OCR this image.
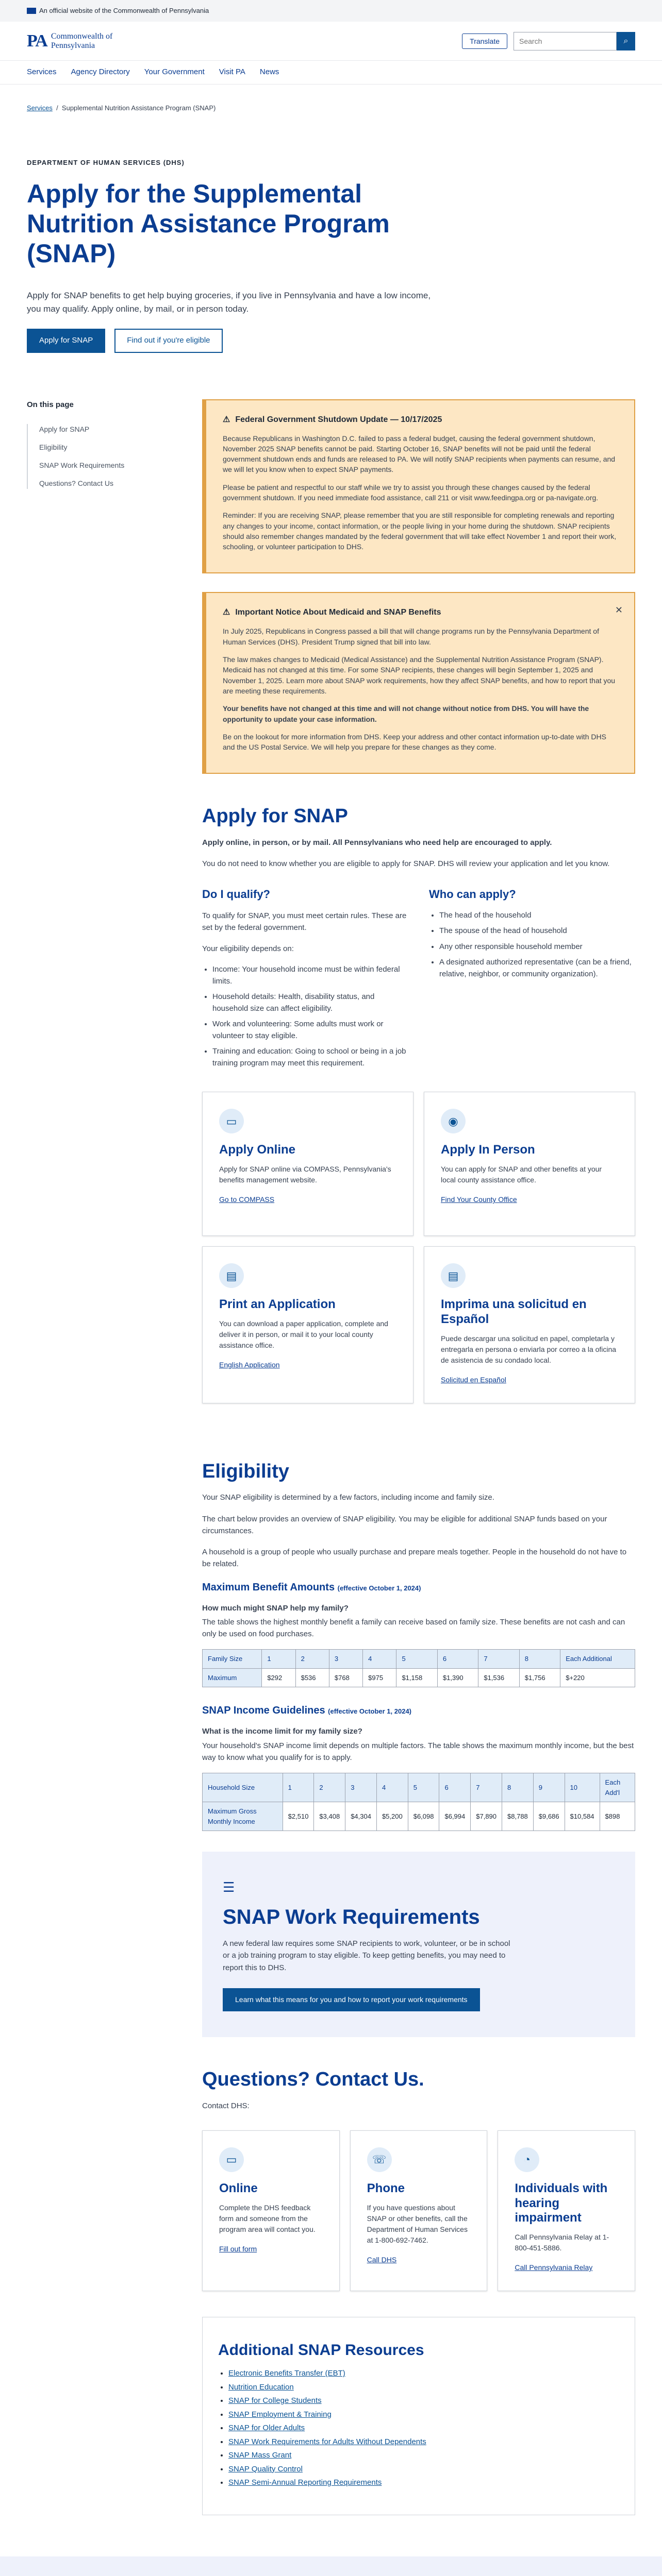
An official website of the Commonwealth of Pennsylvania
PA Commonwealth of Pennsylvania	Translate
Search	⌕
Services Agency Directory Your Government Visit PA News
Services  /  Supplemental Nutrition Assistance Program (SNAP)
DEPARTMENT OF HUMAN SERVICES (DHS)
Apply for the Supplemental Nutrition Assistance Program (SNAP)

Apply for SNAP benefits to get help buying groceries, if you live in Pennsylvania and have a low income, you may qualify. Apply online, by mail, or in person today.

Apply for SNAP	Find out if you're eligible
On this page
Apply for SNAP
Eligibility
SNAP Work Requirements
Questions? Contact Us
⚠ Federal Government Shutdown Update — 10/17/2025

Because Republicans in Washington D.C. failed to pass a federal budget, causing the federal government shutdown, November 2025 SNAP benefits cannot be paid. Starting October 16, SNAP benefits will not be paid until the federal government shutdown ends and funds are released to PA. We will notify SNAP recipients when payments can resume, and we will let you know when to expect SNAP payments.

Please be patient and respectful to our staff while we try to assist you through these changes caused by the federal government shutdown. If you need immediate food assistance, call 211 or visit www.feedingpa.org or pa-navigate.org.

Reminder: If you are receiving SNAP, please remember that you are still responsible for completing renewals and reporting any changes to your income, contact information, or the people living in your home during the shutdown. SNAP recipients should also remember changes mandated by the federal government that will take effect November 1 and report their work, schooling, or volunteer participation to DHS.

✕
⚠ Important Notice About Medicaid and SNAP Benefits

In July 2025, Republicans in Congress passed a bill that will change programs run by the Pennsylvania Department of Human Services (DHS). President Trump signed that bill into law.

The law makes changes to Medicaid (Medical Assistance) and the Supplemental Nutrition Assistance Program (SNAP). Medicaid has not changed at this time. For some SNAP recipients, these changes will begin September 1, 2025 and November 1, 2025. Learn more about SNAP work requirements, how they affect SNAP benefits, and how to report that you are meeting these requirements.

Your benefits have not changed at this time and will not change without notice from DHS. You will have the opportunity to update your case information.

Be on the lookout for more information from DHS. Keep your address and other contact information up-to-date with DHS and the US Postal Service. We will help you prepare for these changes as they come.

Apply for SNAP

Apply online, in person, or by mail. All Pennsylvanians who need help are encouraged to apply.

You do not need to know whether you are eligible to apply for SNAP. DHS will review your application and let you know.

Do I qualify?

To qualify for SNAP, you must meet certain rules. These are set by the federal government.

Your eligibility depends on:

• Income: Your household income must be within federal limits.
• Household details: Health, disability status, and household size can affect eligibility.
• Work and volunteering: Some adults must work or volunteer to stay eligible.
• Training and education: Going to school or being in a job training program may meet this requirement.
Who can apply?
• The head of the household
• The spouse of the head of household
• Any other responsible household member
• A designated authorized representative (can be a friend, relative, neighbor, or community organization).
▭
Apply Online

Apply for SNAP online via COMPASS, Pennsylvania's benefits management website.

Go to COMPASS
◉
Apply In Person

You can apply for SNAP and other benefits at your local county assistance office.

Find Your County Office
▤
Print an Application

You can download a paper application, complete and deliver it in person, or mail it to your local county assistance office.

English Application
▤
Imprima una solicitud en Español

Puede descargar una solicitud en papel, completarla y entregarla en persona o enviarla por correo a la oficina de asistencia de su condado local.

Solicitud en Español
Eligibility

Your SNAP eligibility is determined by a few factors, including income and family size.

The chart below provides an overview of SNAP eligibility. You may be eligible for additional SNAP funds based on your circumstances.

A household is a group of people who usually purchase and prepare meals together. People in the household do not have to be related.

Maximum Benefit Amounts (effective October 1, 2024)

How much might SNAP help my family?

The table shows the highest monthly benefit a family can receive based on family size. These benefits are not cash and can only be used on food purchases.

Family Size	1	2	3	4	5	6	7	8	Each Additional
Maximum	$292	$536	$768	$975	$1,158	$1,390	$1,536	$1,756	$+220
SNAP Income Guidelines (effective October 1, 2024)

What is the income limit for my family size?

Your household's SNAP income limit depends on multiple factors. The table shows the maximum monthly income, but the best way to know what you qualify for is to apply.

Household Size	1	2	3	4	5	6	7	8	9	10	Each Add'l
Maximum Gross Monthly Income	$2,510	$3,408	$4,304	$5,200	$6,098	$6,994	$7,890	$8,788	$9,686	$10,584	$898
☰
SNAP Work Requirements

A new federal law requires some SNAP recipients to work, volunteer, or be in school or a job training program to stay eligible. To keep getting benefits, you may need to report this to DHS.

Learn what this means for you and how to report your work requirements
Questions? Contact Us.

Contact DHS:

▭
Online

Complete the DHS feedback form and someone from the program area will contact you.

Fill out form
☏
Phone

If you have questions about SNAP or other benefits, call the Department of Human Services at 1-800-692-7462.

Call DHS
◔
Individuals with hearing impairment

Call Pennsylvania Relay at 1-800-451-5886.

Call Pennsylvania Relay
Additional SNAP Resources
• Electronic Benefits Transfer (EBT)
• Nutrition Education
• SNAP for College Students
• SNAP Employment & Training
• SNAP for Older Adults
• SNAP Work Requirements for Adults Without Dependents
• SNAP Mass Grant
• SNAP Quality Control
• SNAP Semi-Annual Reporting Requirements
